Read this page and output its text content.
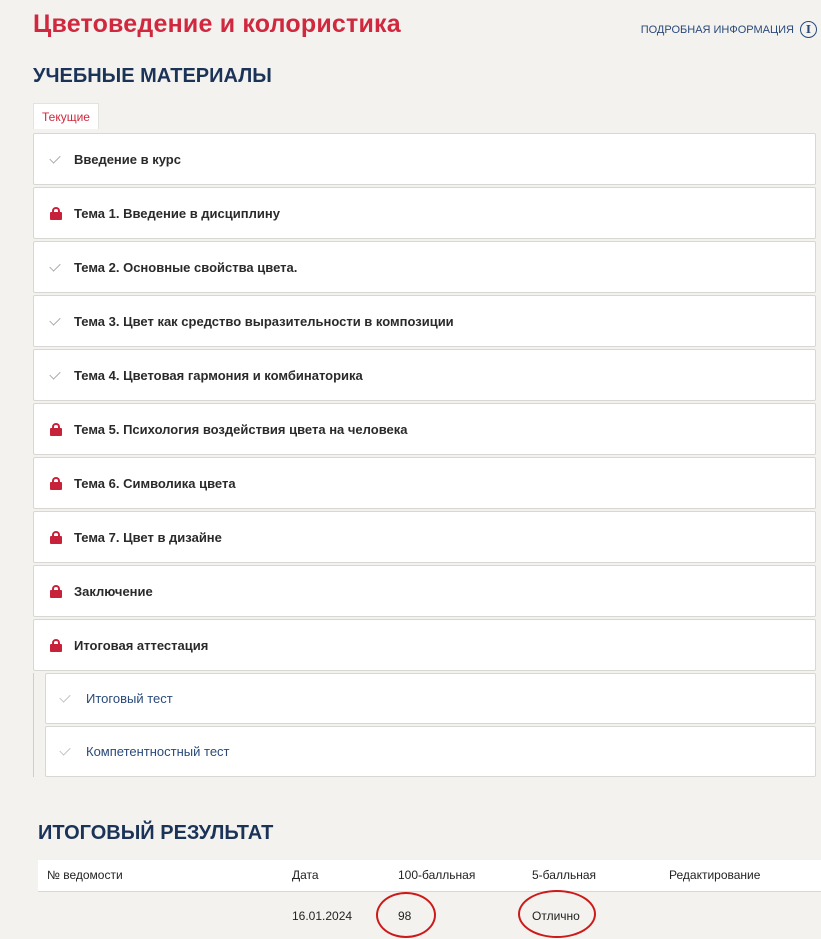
Цветоведение и колористика	ПОДРОБНАЯ ИНФОРМАЦИЯ	I
УЧЕБНЫЕ МАТЕРИАЛЫ
Текущие
Введение в курс
Тема 1. Введение в дисциплину
Тема 2. Основные свойства цвета.
Тема 3. Цвет как средство выразительности в композиции
Тема 4. Цветовая гармония и комбинаторика
Тема 5. Психология воздействия цвета на человека
Тема 6. Символика цвета
Тема 7. Цвет в дизайне
Заключение
Итоговая аттестация
Итоговый тест
Компетентностный тест
ИТОГОВЫЙ РЕЗУЛЬТАТ
№ ведомости	Дата	100-балльная	5-балльная	Редактирование
	16.01.2024	98	Отлично	
